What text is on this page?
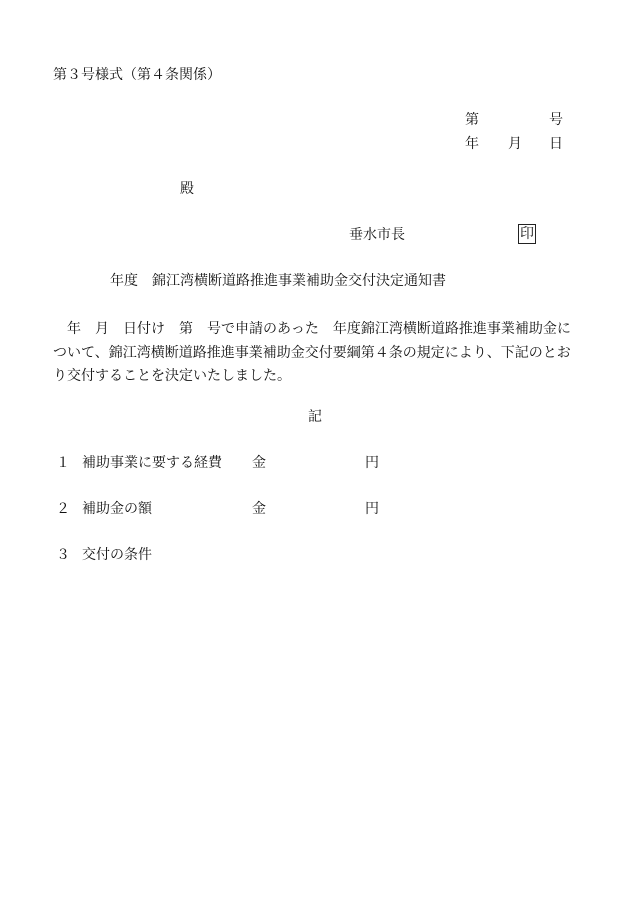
第３号様式（第４条関係）
第	号
年 月 日
殿
垂水市長	印
年度　錦江湾横断道路推進事業補助金交付決定通知書
年　月　日付け　第　号で申請のあった　年度錦江湾横断道路推進事業補助金について、錦江湾横断道路推進事業補助金交付要綱第４条の規定により、下記のとおり交付することを決定いたしました。
記
１ 補助事業に要する経費 金	円
２ 補助金の額	金	円
３ 交付の条件
